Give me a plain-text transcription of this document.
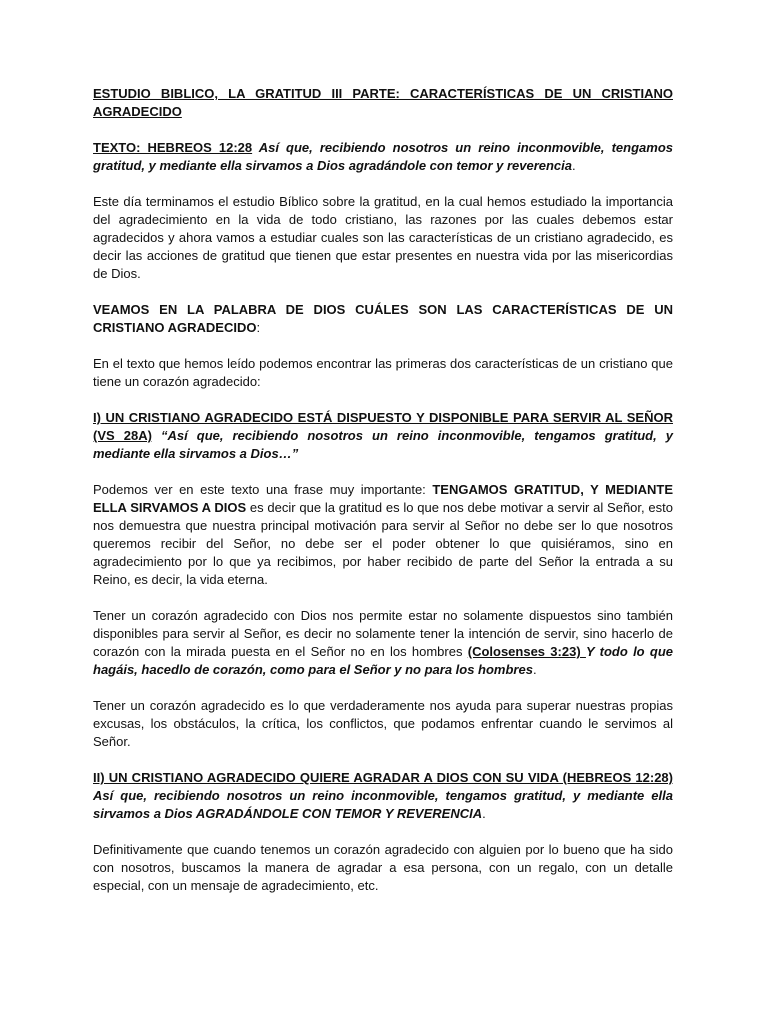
ESTUDIO BIBLICO, LA GRATITUD III PARTE: CARACTERÍSTICAS DE UN CRISTIANO AGRADECIDO

TEXTO: HEBREOS 12:28 Así que, recibiendo nosotros un reino inconmovible, tengamos gratitud, y mediante ella sirvamos a Dios agradándole con temor y reverencia.

Este día terminamos el estudio Bíblico sobre la gratitud, en la cual hemos estudiado la importancia del agradecimiento en la vida de todo cristiano, las razones por las cuales debemos estar agradecidos y ahora vamos a estudiar cuales son las características de un cristiano agradecido, es decir las acciones de gratitud que tienen que estar presentes en nuestra vida por las misericordias de Dios.

VEAMOS EN LA PALABRA DE DIOS CUÁLES SON LAS CARACTERÍSTICAS DE UN CRISTIANO AGRADECIDO:

En el texto que hemos leído podemos encontrar las primeras dos características de un cristiano que tiene un corazón agradecido:

I) UN CRISTIANO AGRADECIDO ESTÁ DISPUESTO Y DISPONIBLE PARA SERVIR AL SEÑOR (VS 28A) “Así que, recibiendo nosotros un reino inconmovible, tengamos gratitud, y mediante ella sirvamos a Dios…”

Podemos ver en este texto una frase muy importante: TENGAMOS GRATITUD, Y MEDIANTE ELLA SIRVAMOS A DIOS es decir que la gratitud es lo que nos debe motivar a servir al Señor, esto nos demuestra que nuestra principal motivación para servir al Señor no debe ser lo que nosotros queremos recibir del Señor, no debe ser el poder obtener lo que quisiéramos, sino en agradecimiento por lo que ya recibimos, por haber recibido de parte del Señor la entrada a su Reino, es decir, la vida eterna.

Tener un corazón agradecido con Dios nos permite estar no solamente dispuestos sino también disponibles para servir al Señor, es decir no solamente tener la intención de servir, sino hacerlo de corazón con la mirada puesta en el Señor no en los hombres (Colosenses 3:23) Y todo lo que hagáis, hacedlo de corazón, como para el Señor y no para los hombres.

Tener un corazón agradecido es lo que verdaderamente nos ayuda para superar nuestras propias excusas, los obstáculos, la crítica, los conflictos, que podamos enfrentar cuando le servimos al Señor.

II) UN CRISTIANO AGRADECIDO QUIERE AGRADAR A DIOS CON SU VIDA (HEBREOS 12:28) Así que, recibiendo nosotros un reino inconmovible, tengamos gratitud, y mediante ella sirvamos a Dios AGRADÁNDOLE CON TEMOR Y REVERENCIA.

Definitivamente que cuando tenemos un corazón agradecido con alguien por lo bueno que ha sido con nosotros, buscamos la manera de agradar a esa persona, con un regalo, con un detalle especial, con un mensaje de agradecimiento, etc.
